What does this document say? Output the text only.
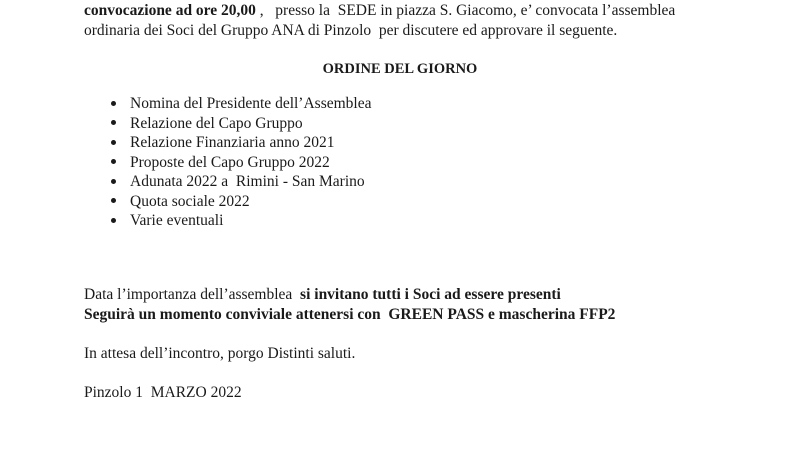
convocazione ad ore 20,00 ,   presso la  SEDE in piazza S. Giacomo, e’ convocata l’assemblea
ordinaria dei Soci del Gruppo ANA di Pinzolo  per discutere ed approvare il seguente.
ORDINE DEL GIORNO
Nomina del Presidente dell’Assemblea
Relazione del Capo Gruppo
Relazione Finanziaria anno 2021
Proposte del Capo Gruppo 2022
Adunata 2022 a  Rimini - San Marino
Quota sociale 2022
Varie eventuali
Data l’importanza dell’assemblea  si invitano tutti i Soci ad essere presenti
Seguirà un momento conviviale attenersi con  GREEN PASS e mascherina FFP2
In attesa dell’incontro, porgo Distinti saluti.
Pinzolo 1  MARZO 2022
